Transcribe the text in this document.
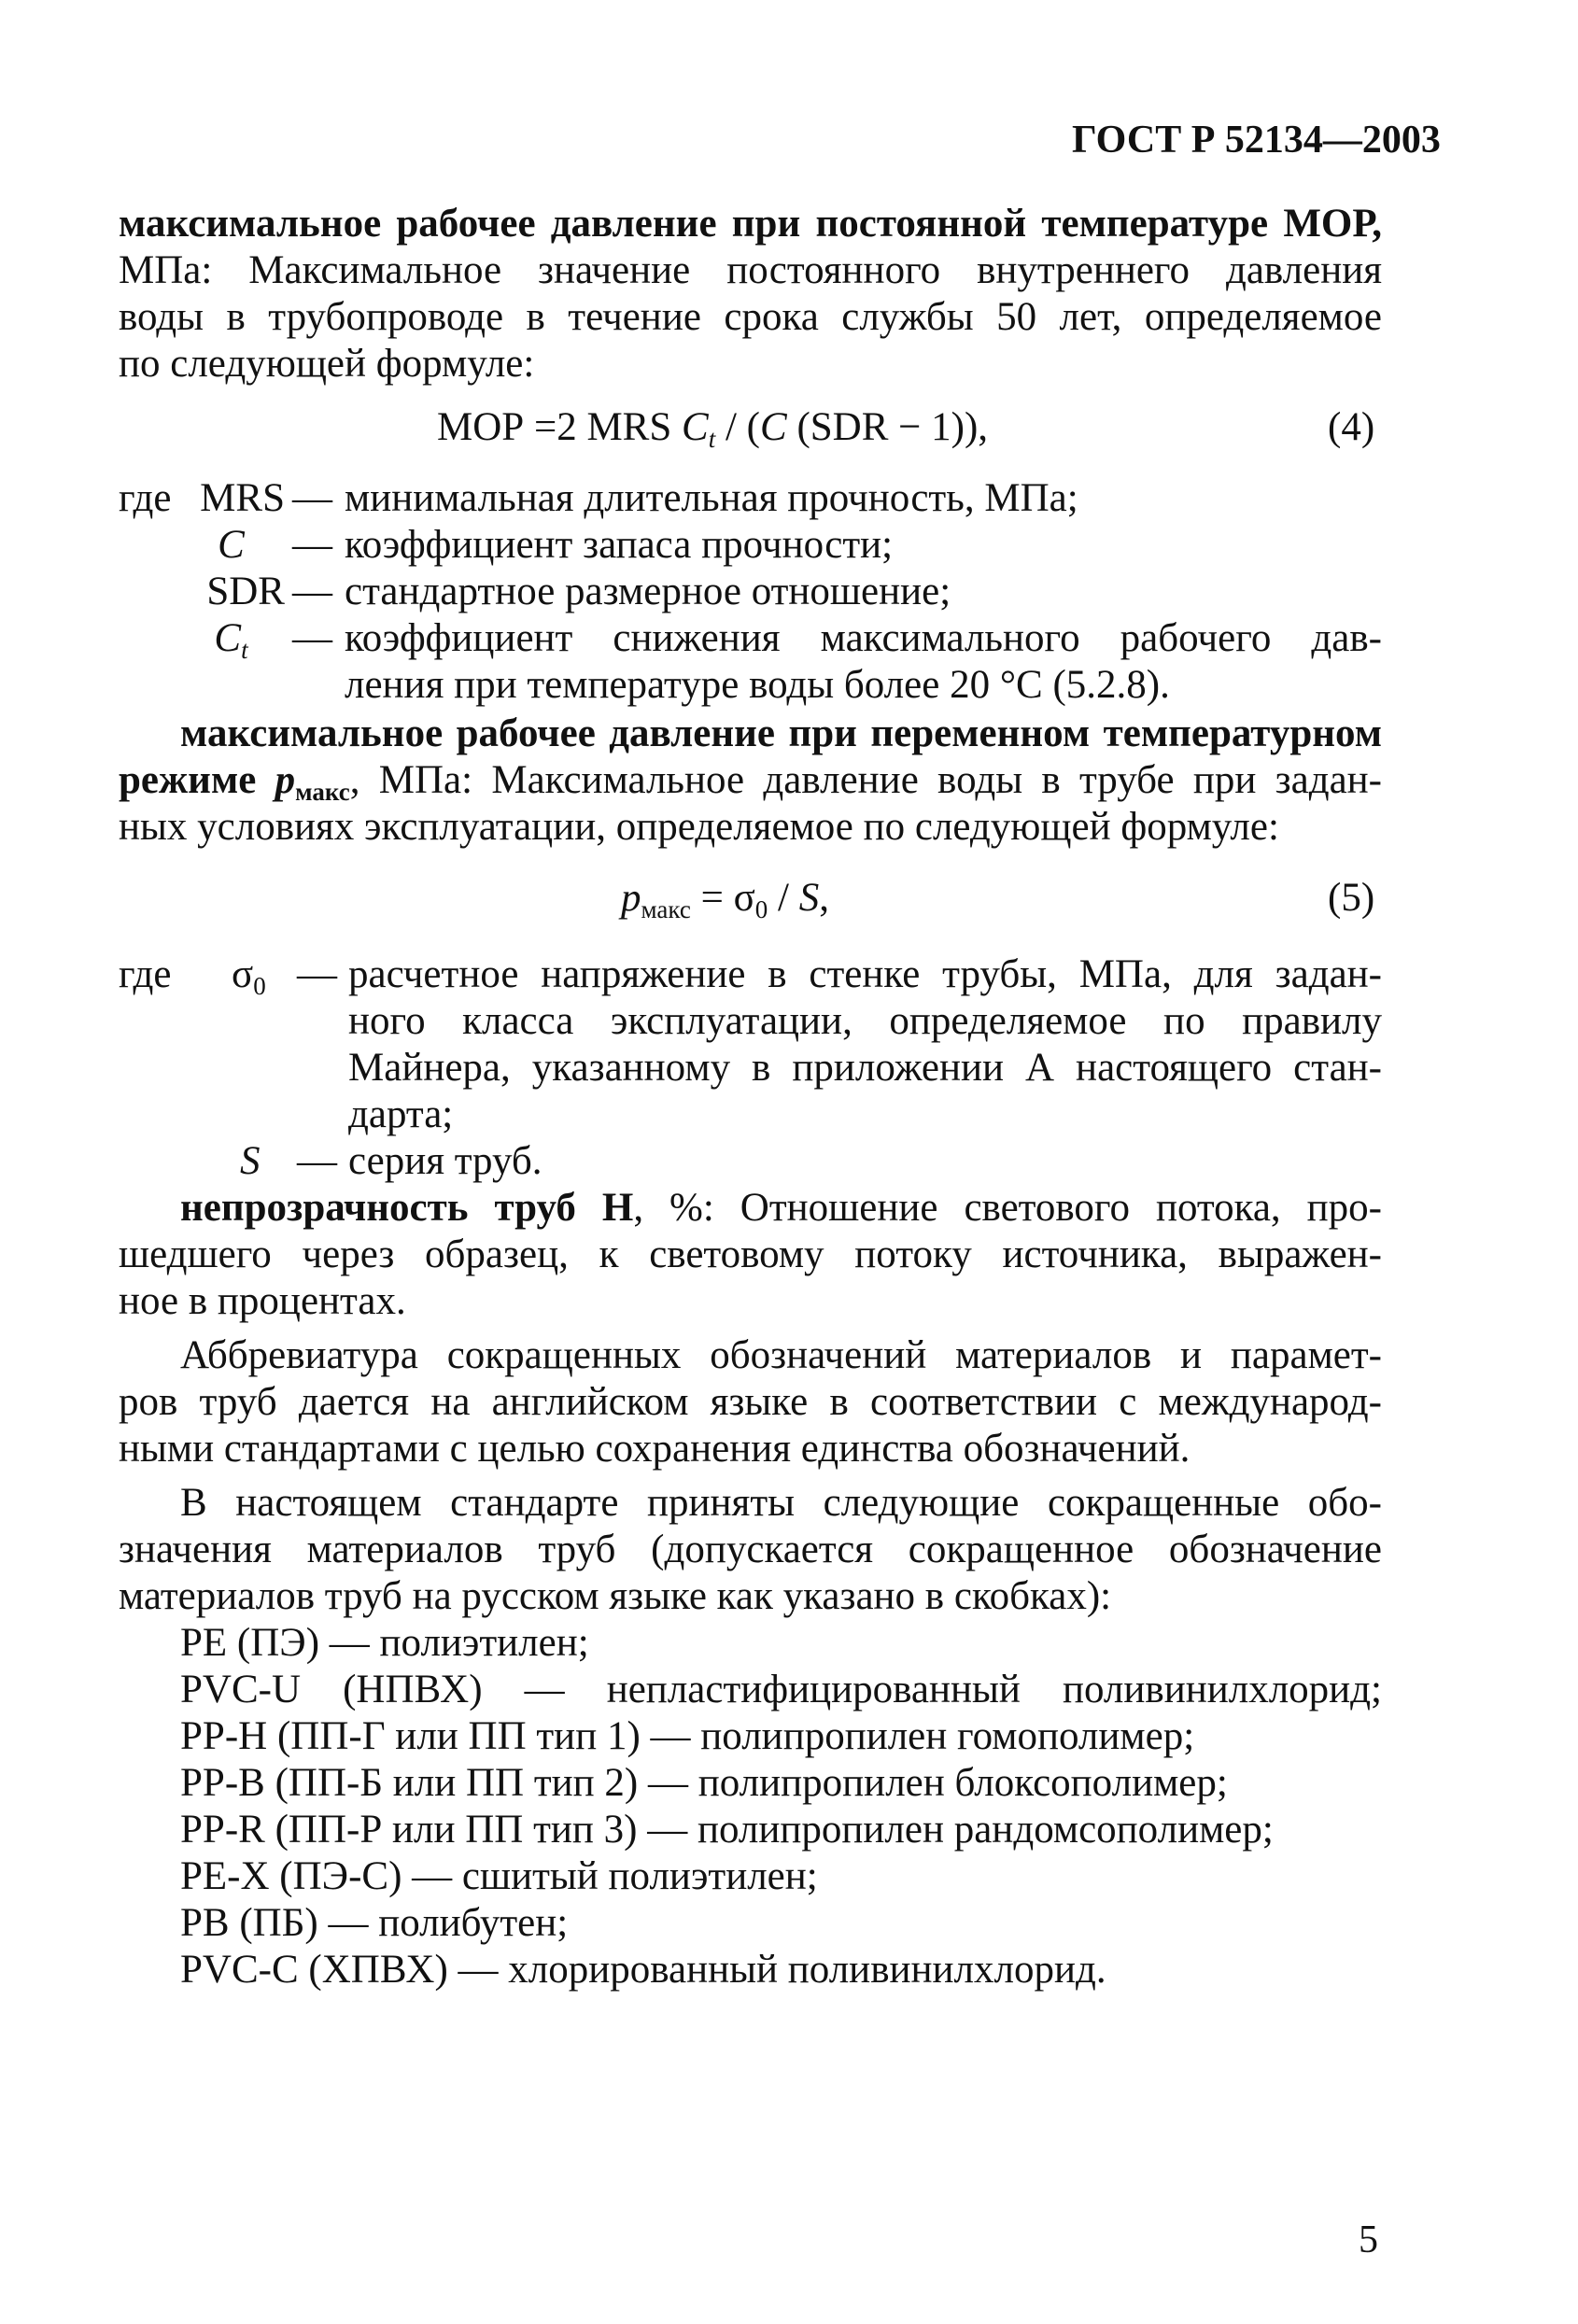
ГОСТ Р 52134—2003
максимальное рабочее давление при постоянной температуре МОР,
МПа: Максимальное значение постоянного внутреннего давления
воды в трубопроводе в течение срока службы 50 лет, определяемое
по следующей формуле:
МОР =2 MRS $C_t / (C$ (SDR − 1)),	(4)
где MRS — минимальная длительная прочность, МПа;
C	— коэффициент запаса прочности;
SDR — стандартное размерное отношение;
$C_t$	— коэффициент снижения максимального рабочего дав-
ления при температуре воды более 20 °С (5.2.8).
максимальное рабочее давление при переменном температурном
режиме $p_{макс}$, МПа: Максимальное давление воды в трубе при задан-
ных условиях эксплуатации, определяемое по следующей формуле:
$p_{макс} = \sigma_0 / S$,	(5)
где $\sigma_0$ — расчетное напряжение в стенке трубы, МПа, для задан-
ного класса эксплуатации, определяемое по правилу
Майнера, указанному в приложении А настоящего стан-
дарта;
S — серия труб.
непрозрачность труб Н, %: Отношение светового потока, про-
шедшего через образец, к световому потоку источника, выражен-
ное в процентах.
Аббревиатура сокращенных обозначений материалов и парамет-
ров труб дается на английском языке в соответствии с международ-
ными стандартами с целью сохранения единства обозначений.
В настоящем стандарте приняты следующие сокращенные обо-
значения материалов труб (допускается сокращенное обозначение
материалов труб на русском языке как указано в скобках):
РЕ (ПЭ) — полиэтилен;
PVC-U (НПВХ) — непластифицированный поливинилхлорид;
РР-Н (ПП-Г или ПП тип 1) — полипропилен гомополимер;
РР-В (ПП-Б или ПП тип 2) — полипропилен блоксополимер;
PP-R (ПП-Р или ПП тип 3) — полипропилен рандомсополимер;
РЕ-Х (ПЭ-С) — сшитый полиэтилен;
РВ (ПБ) — полибутен;
PVC-C (ХПВХ) — хлорированный поливинилхлорид.
5
